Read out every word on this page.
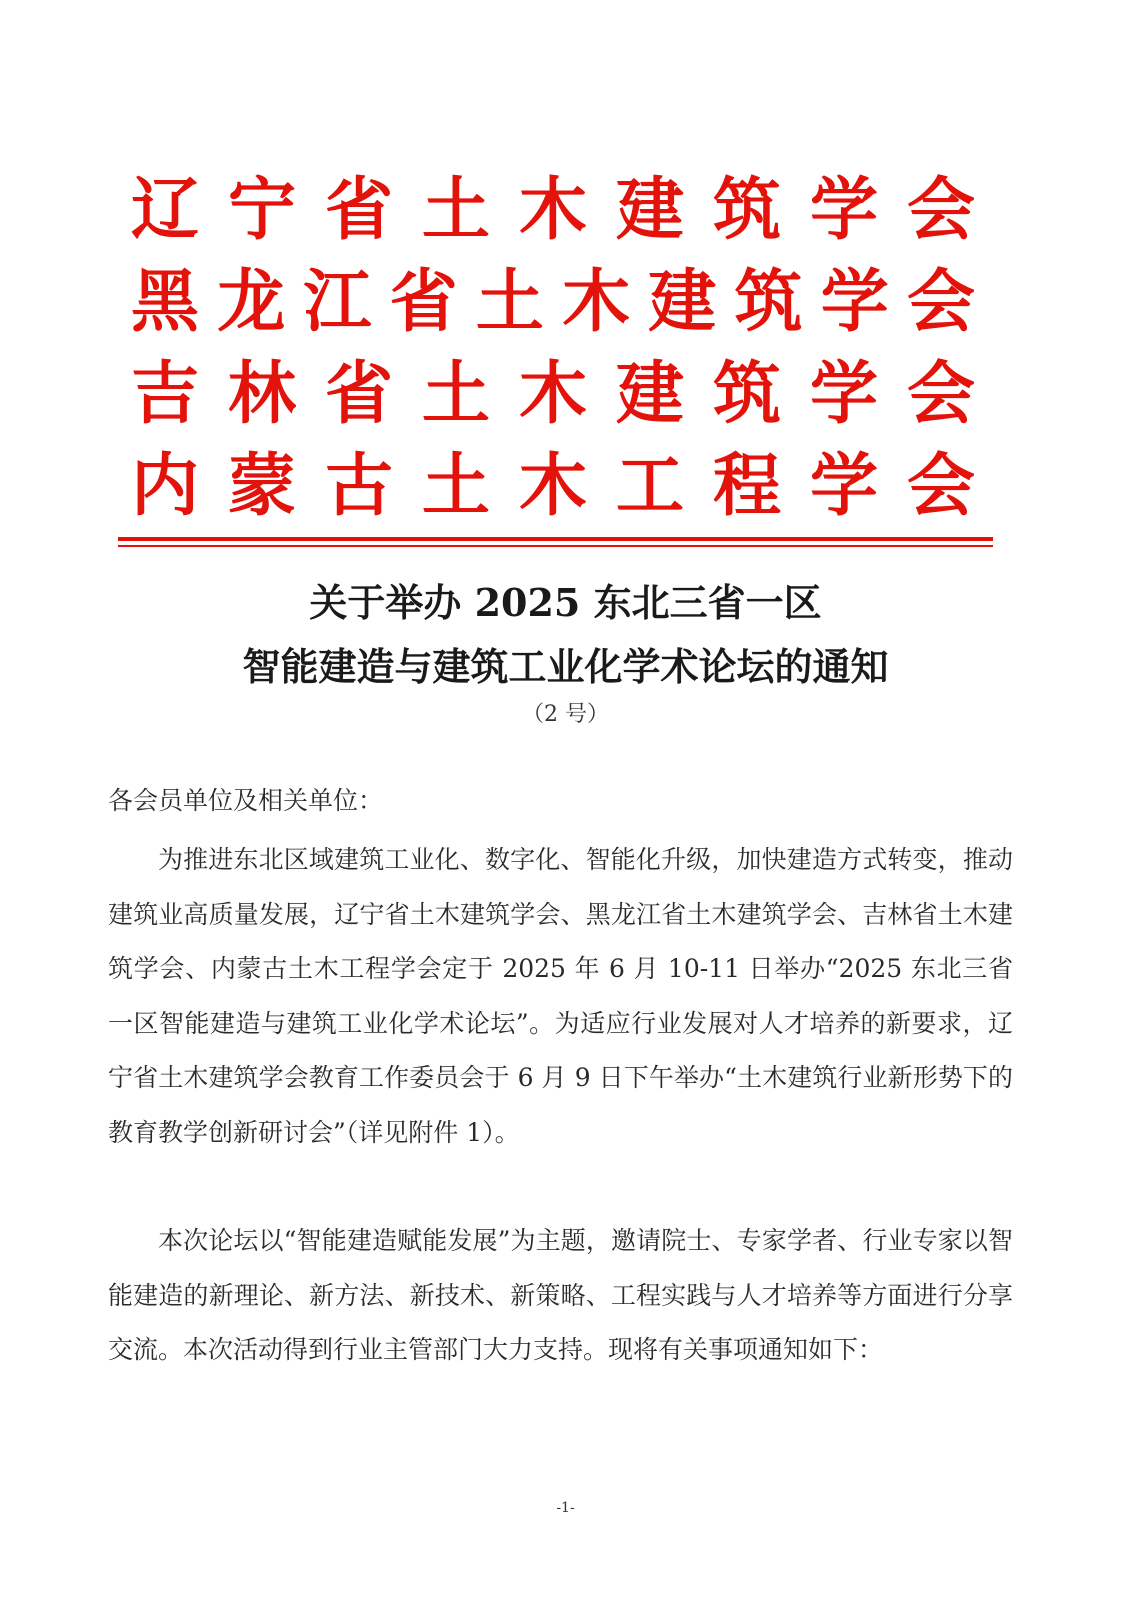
辽 宁 省 土 木 建 筑 学 会
黑 龙 江 省 土 木 建 筑 学 会
吉 林 省 土 木 建 筑 学 会
内 蒙 古 土 木 工 程 学 会
关于举办 2025 东北三省一区
智能建造与建筑工业化学术论坛的通知
（2 号）
各会员单位及相关单位：

为推进东北区域建筑工业化、数字化、智能化升级，加快建造方式转变，推动建筑业高质量发展，辽宁省土木建筑学会、黑龙江省土木建筑学会、吉林省土木建筑学会、内蒙古土木工程学会定于 2025 年 6 月 10-11 日举办“2025 东北三省一区智能建造与建筑工业化学术论坛”。为适应行业发展对人才培养的新要求，辽宁省土木建筑学会教育工作委员会于 6 月 9 日下午举办“土木建筑行业新形势下的教育教学创新研讨会”（详见附件 1）。

本次论坛以“智能建造赋能发展”为主题，邀请院士、专家学者、行业专家以智能建造的新理论、新方法、新技术、新策略、工程实践与人才培养等方面进行分享交流。本次活动得到行业主管部门大力支持。现将有关事项通知如下：

-1-
